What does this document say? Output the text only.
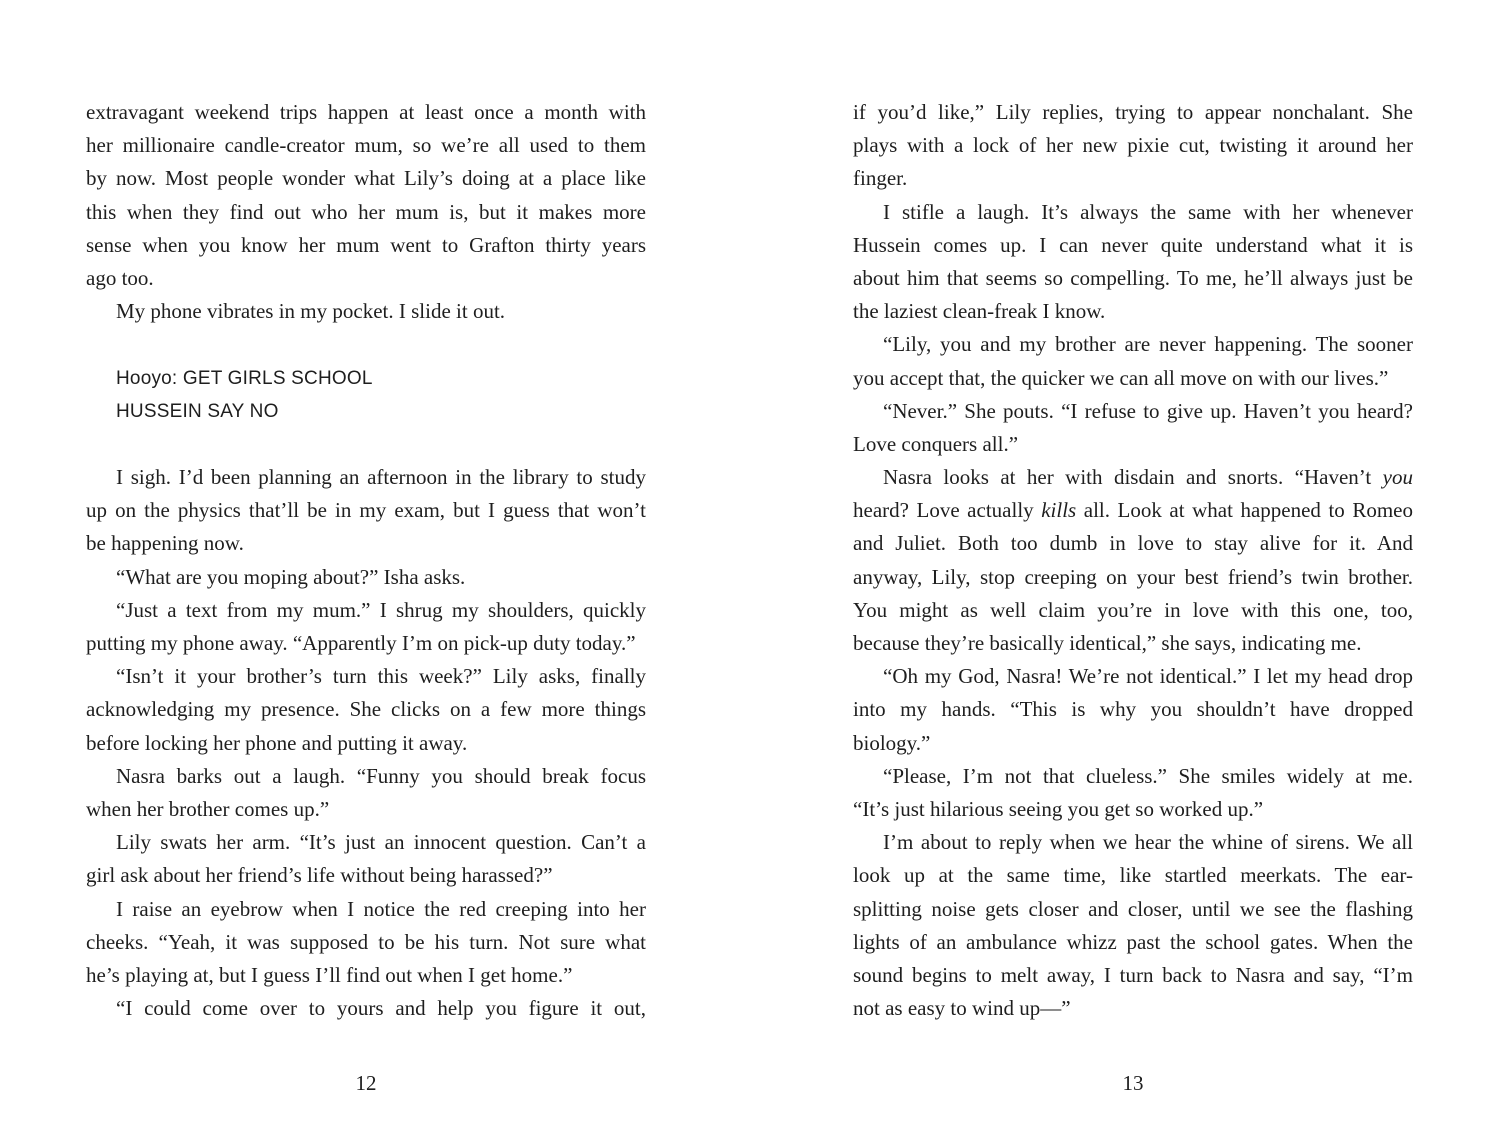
extravagant weekend trips happen at least once a month with
her millionaire candle-creator mum, so we’re all used to them
by now. Most people wonder what Lily’s doing at a place like
this when they find out who her mum is, but it makes more
sense when you know her mum went to Grafton thirty years
ago too.
My phone vibrates in my pocket. I slide it out.
Hooyo: GET GIRLS SCHOOL
HUSSEIN SAY NO
I sigh. I’d been planning an afternoon in the library to study
up on the physics that’ll be in my exam, but I guess that won’t
be happening now.
“What are you moping about?” Isha asks.
“Just a text from my mum.” I shrug my shoulders, quickly
putting my phone away. “Apparently I’m on pick-up duty today.”
“Isn’t it your brother’s turn this week?” Lily asks, finally
acknowledging my presence. She clicks on a few more things
before locking her phone and putting it away.
Nasra barks out a laugh. “Funny you should break focus
when her brother comes up.”
Lily swats her arm. “It’s just an innocent question. Can’t a
girl ask about her friend’s life without being harassed?”
I raise an eyebrow when I notice the red creeping into her
cheeks. “Yeah, it was supposed to be his turn. Not sure what
he’s playing at, but I guess I’ll find out when I get home.”
“I could come over to yours and help you figure it out,
12
if you’d like,” Lily replies, trying to appear nonchalant. She
plays with a lock of her new pixie cut, twisting it around her
finger.
I stifle a laugh. It’s always the same with her whenever
Hussein comes up. I can never quite understand what it is
about him that seems so compelling. To me, he’ll always just be
the laziest clean-freak I know.
“Lily, you and my brother are never happening. The sooner
you accept that, the quicker we can all move on with our lives.”
“Never.” She pouts. “I refuse to give up. Haven’t you heard?
Love conquers all.”
Nasra looks at her with disdain and snorts. “Haven’t you
heard? Love actually kills all. Look at what happened to Romeo
and Juliet. Both too dumb in love to stay alive for it. And
anyway, Lily, stop creeping on your best friend’s twin brother.
You might as well claim you’re in love with this one, too,
because they’re basically identical,” she says, indicating me.
“Oh my God, Nasra! We’re not identical.” I let my head drop
into my hands. “This is why you shouldn’t have dropped
biology.”
“Please, I’m not that clueless.” She smiles widely at me.
“It’s just hilarious seeing you get so worked up.”
I’m about to reply when we hear the whine of sirens. We all
look up at the same time, like startled meerkats. The ear-
splitting noise gets closer and closer, until we see the flashing
lights of an ambulance whizz past the school gates. When the
sound begins to melt away, I turn back to Nasra and say, “I’m
not as easy to wind up—”
13
